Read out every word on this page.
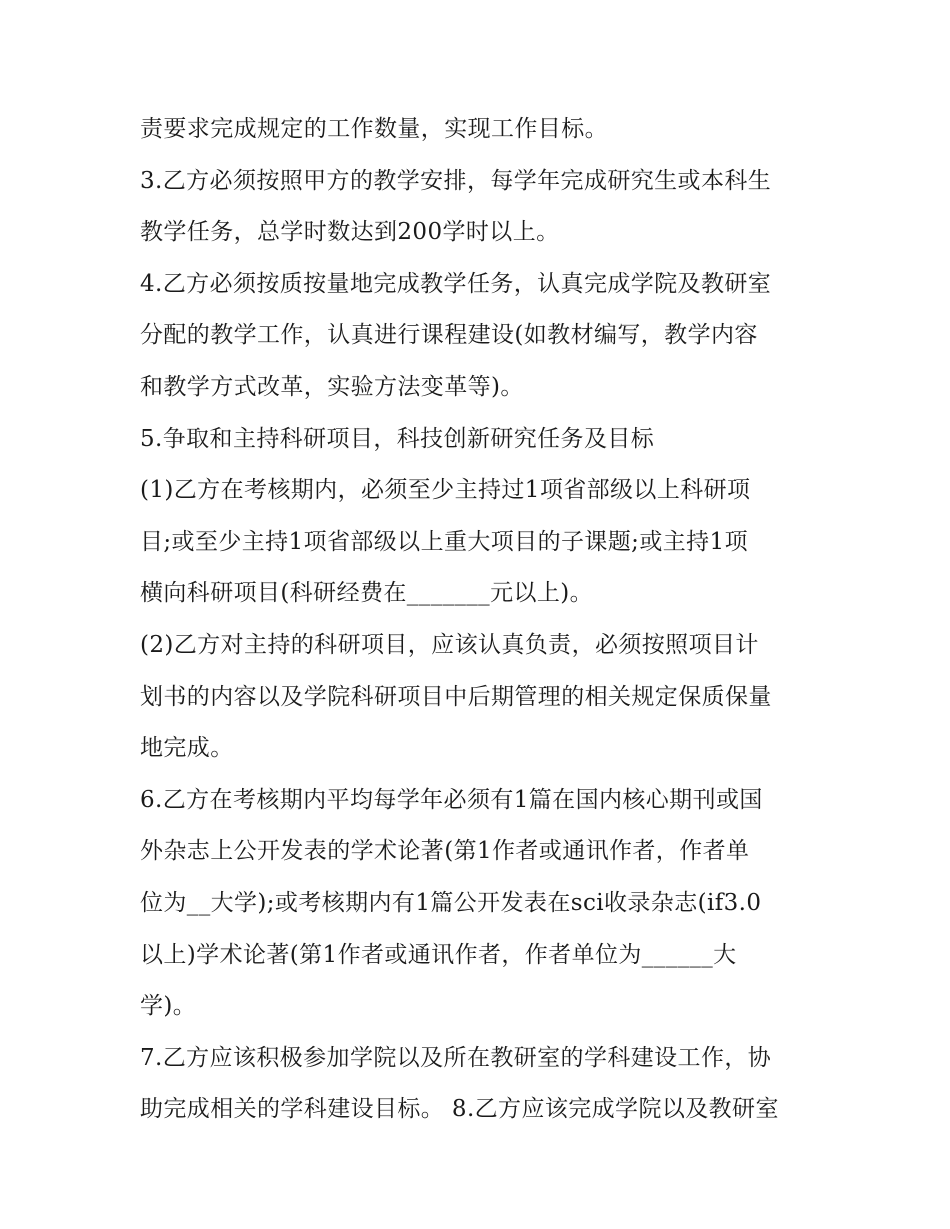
责要求完成规定的工作数量，实现工作目标。
3.乙方必须按照甲方的教学安排，每学年完成研究生或本科生
教学任务，总学时数达到200学时以上。
4.乙方必须按质按量地完成教学任务，认真完成学院及教研室
分配的教学工作，认真进行课程建设(如教材编写，教学内容
和教学方式改革，实验方法变革等)。
5.争取和主持科研项目，科技创新研究任务及目标
(1)乙方在考核期内，必须至少主持过1项省部级以上科研项
目;或至少主持1项省部级以上重大项目的子课题;或主持1项
横向科研项目(科研经费在_______元以上)。
(2)乙方对主持的科研项目，应该认真负责，必须按照项目计
划书的内容以及学院科研项目中后期管理的相关规定保质保量
地完成。
6.乙方在考核期内平均每学年必须有1篇在国内核心期刊或国
外杂志上公开发表的学术论著(第1作者或通讯作者，作者单
位为__大学);或考核期内有1篇公开发表在sci收录杂志(if3.0
以上)学术论著(第1作者或通讯作者，作者单位为______大
学)。
7.乙方应该积极参加学院以及所在教研室的学科建设工作，协
助完成相关的学科建设目标。 8.乙方应该完成学院以及教研室
